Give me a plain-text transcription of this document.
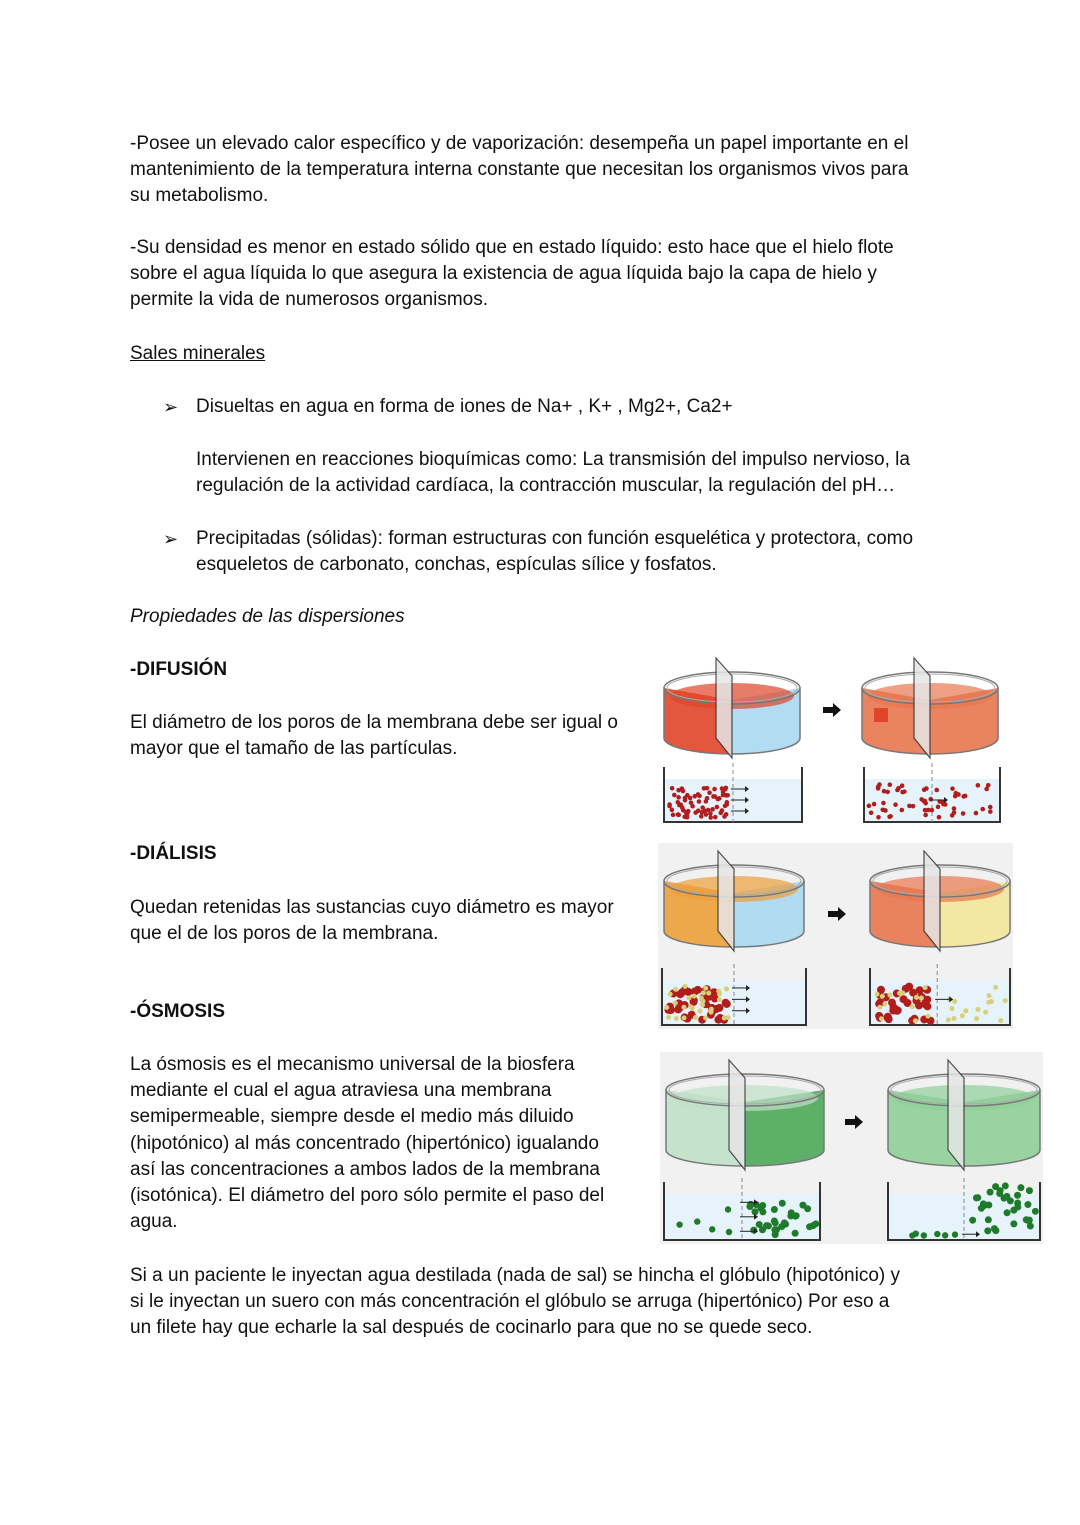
-Posee un elevado calor específico y de vaporización: desempeña un papel importante en el
mantenimiento de la temperatura interna constante que necesitan los organismos vivos para
su metabolismo.
-Su densidad es menor en estado sólido que en estado líquido: esto hace que el hielo flote
sobre el agua líquida lo que asegura la existencia de agua líquida bajo la capa de hielo y
permite la vida de numerosos organismos.
Sales minerales
➢ Disueltas en agua en forma de iones de Na+ , K+ , Mg2+, Ca2+
Intervienen en reacciones bioquímicas como: La transmisión del impulso nervioso, la
regulación de la actividad cardíaca, la contracción muscular, la regulación del pH…
➢ Precipitadas (sólidas): forman estructuras con función esquelética y protectora, como
esqueletos de carbonato, conchas, espículas sílice y fosfatos.
Propiedades de las dispersiones
-DIFUSIÓN
El diámetro de los poros de la membrana debe ser igual o
mayor que el tamaño de las partículas.
-DIÁLISIS
Quedan retenidas las sustancias cuyo diámetro es mayor
que el de los poros de la membrana.
-ÓSMOSIS
La ósmosis es el mecanismo universal de la biosfera
mediante el cual el agua atraviesa una membrana
semipermeable, siempre desde el medio más diluido
(hipotónico) al más concentrado (hipertónico) igualando
así las concentraciones a ambos lados de la membrana
(isotónica). El diámetro del poro sólo permite el paso del
agua.
Si a un paciente le inyectan agua destilada (nada de sal) se hincha el glóbulo (hipotónico) y
si le inyectan un suero con más concentración el glóbulo se arruga (hipertónico) Por eso a
un filete hay que echarle la sal después de cocinarlo para que no se quede seco.
